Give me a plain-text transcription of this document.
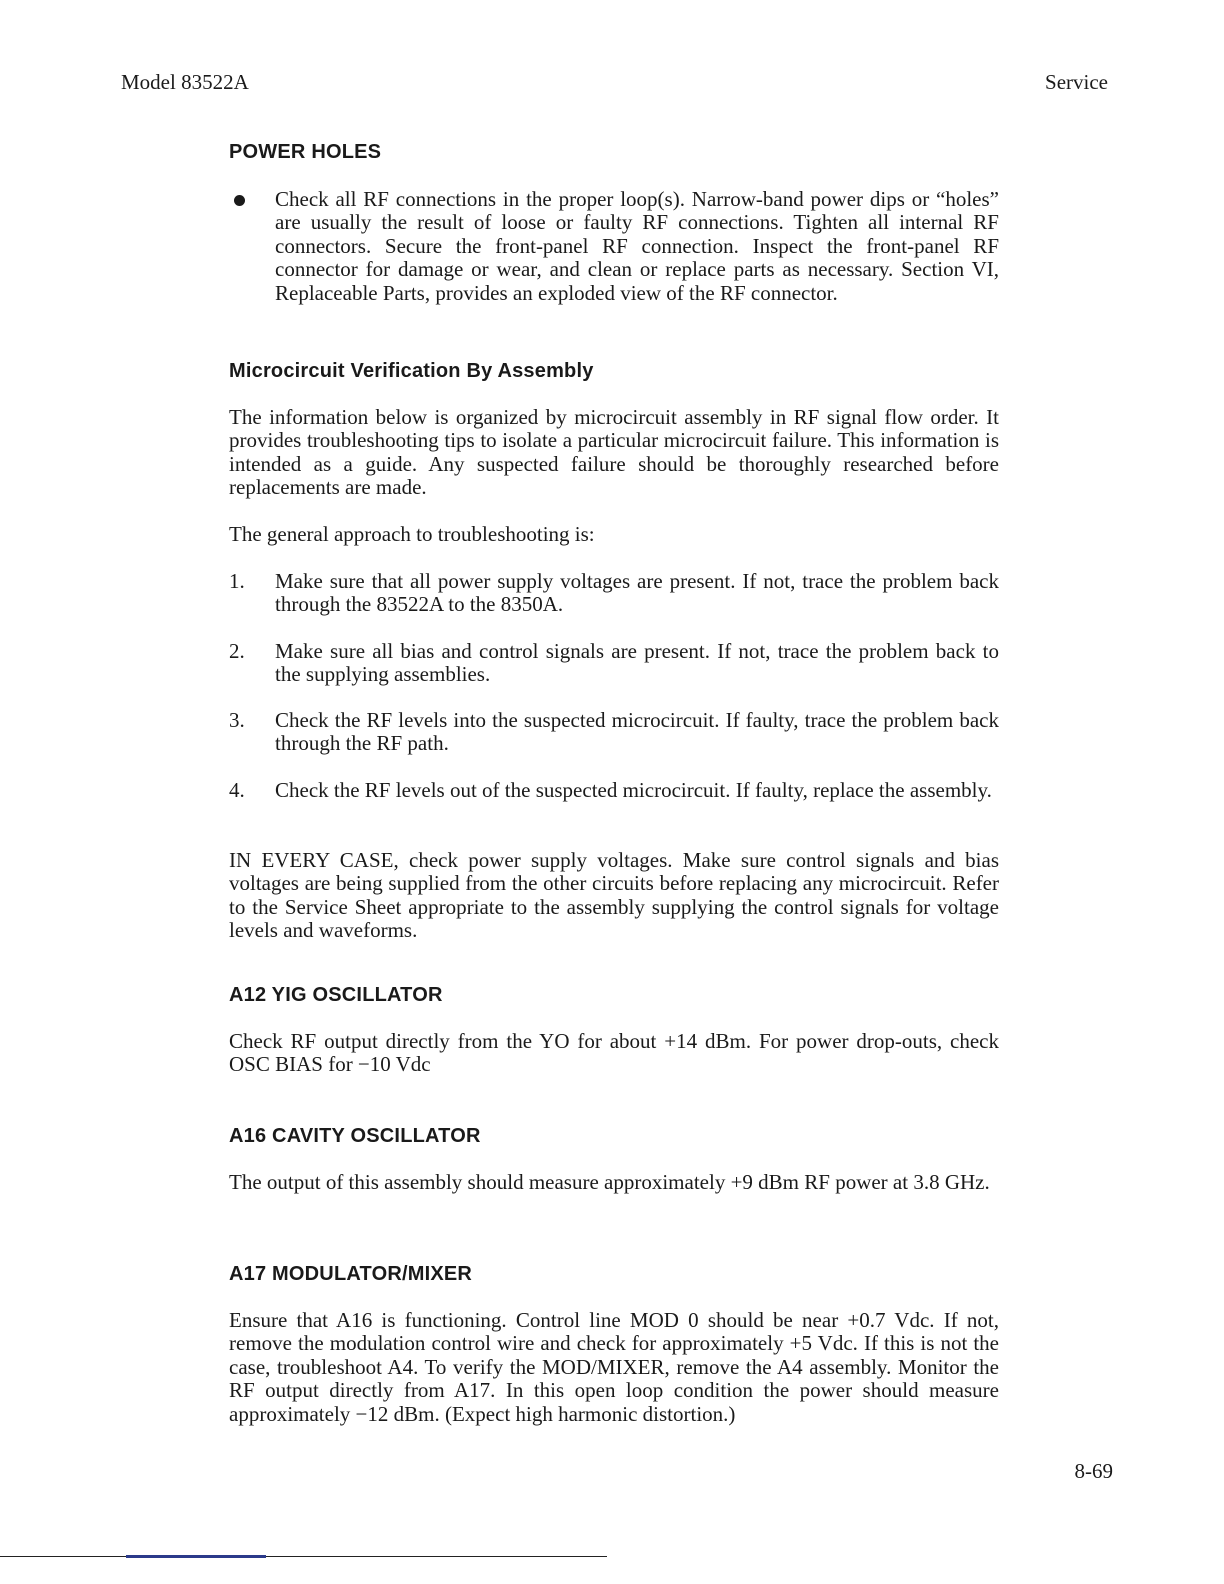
Model 83522A	Service
POWER HOLES
Check all RF connections in the proper loop(s). Narrow-band power dips or “holes” are usually the result of loose or faulty RF connections. Tighten all internal RF connectors. Secure the front-panel RF connection. Inspect the front-panel RF connector for damage or wear, and clean or replace parts as necessary. Section VI, Replaceable Parts, provides an exploded view of the RF connector.
Microcircuit Verification By Assembly
The information below is organized by microcircuit assembly in RF signal flow order. It provides troubleshooting tips to isolate a particular microcircuit failure. This information is intended as a guide. Any suspected failure should be thoroughly researched before replacements are made.
The general approach to troubleshooting is:
1. Make sure that all power supply voltages are present. If not, trace the problem back through the 83522A to the 8350A.
2. Make sure all bias and control signals are present. If not, trace the problem back to the supplying assemblies.
3. Check the RF levels into the suspected microcircuit. If faulty, trace the problem back through the RF path.
4. Check the RF levels out of the suspected microcircuit. If faulty, replace the assembly.
IN EVERY CASE, check power supply voltages. Make sure control signals and bias voltages are being supplied from the other circuits before replacing any microcircuit. Refer to the Service Sheet appropriate to the assembly supplying the control signals for voltage levels and waveforms.
A12 YIG OSCILLATOR
Check RF output directly from the YO for about +14 dBm. For power drop-outs, check OSC BIAS for −10 Vdc
A16 CAVITY OSCILLATOR
The output of this assembly should measure approximately +9 dBm RF power at 3.8 GHz.
A17 MODULATOR/MIXER
Ensure that A16 is functioning. Control line MOD 0 should be near +0.7 Vdc. If not, remove the modulation control wire and check for approximately +5 Vdc. If this is not the case, troubleshoot A4. To verify the MOD/MIXER, remove the A4 assembly. Monitor the RF output directly from A17. In this open loop condition the power should measure approximately −12 dBm. (Expect high harmonic distortion.)
8-69
